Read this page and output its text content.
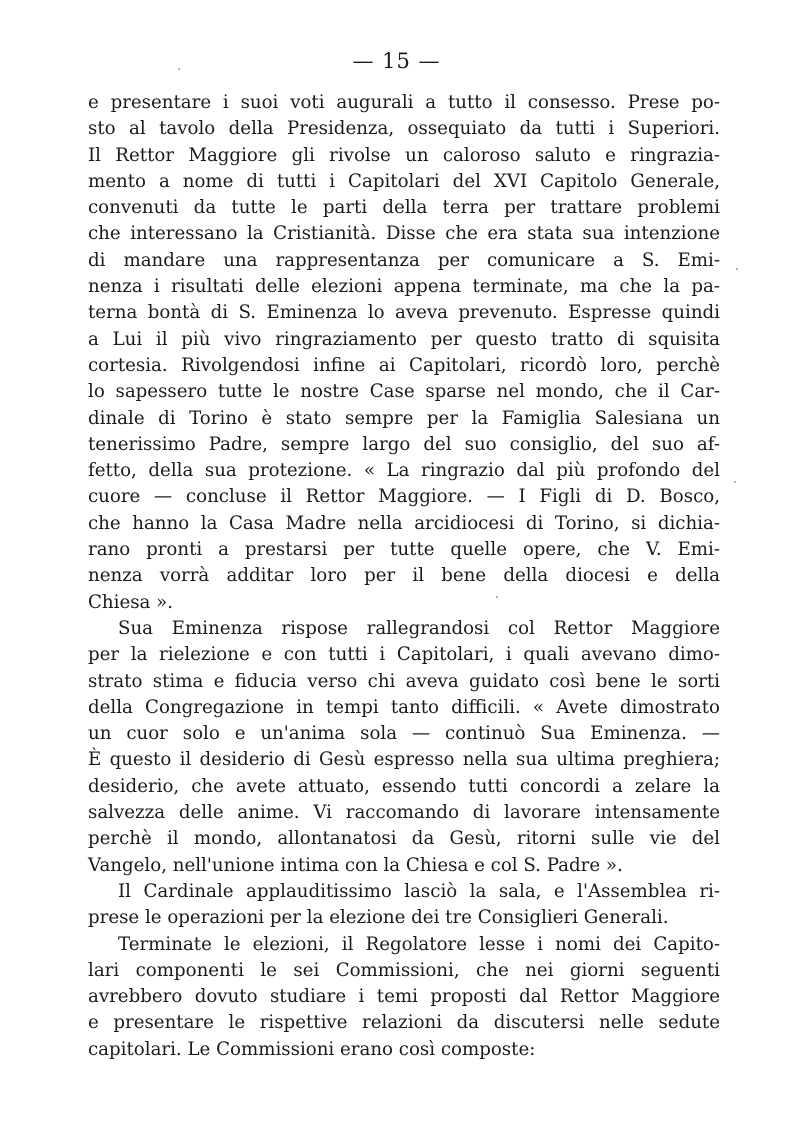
— 15 —
e presentare i suoi voti augurali a tutto il consesso. Prese po-
sto al tavolo della Presidenza, ossequiato da tutti i Superiori.
Il Rettor Maggiore gli rivolse un caloroso saluto e ringrazia-
mento a nome di tutti i Capitolari del XVI Capitolo Generale,
convenuti da tutte le parti della terra per trattare problemi
che interessano la Cristianità. Disse che era stata sua intenzione
di mandare una rappresentanza per comunicare a S. Emi-
nenza i risultati delle elezioni appena terminate, ma che la pa-
terna bontà di S. Eminenza lo aveva prevenuto. Espresse quindi
a Lui il più vivo ringraziamento per questo tratto di squisita
cortesia. Rivolgendosi infine ai Capitolari, ricordò loro, perchè
lo sapessero tutte le nostre Case sparse nel mondo, che il Car-
dinale di Torino è stato sempre per la Famiglia Salesiana un
tenerissimo Padre, sempre largo del suo consiglio, del suo af-
fetto, della sua protezione. « La ringrazio dal più profondo del
cuore — concluse il Rettor Maggiore. — I Figli di D. Bosco,
che hanno la Casa Madre nella arcidiocesi di Torino, si dichia-
rano pronti a prestarsi per tutte quelle opere, che V. Emi-
nenza vorrà additar loro per il bene della diocesi e della
Chiesa ».
Sua Eminenza rispose rallegrandosi col Rettor Maggiore
per la rielezione e con tutti i Capitolari, i quali avevano dimo-
strato stima e fiducia verso chi aveva guidato così bene le sorti
della Congregazione in tempi tanto difficili. « Avete dimostrato
un cuor solo e un'anima sola — continuò Sua Eminenza. —
È questo il desiderio di Gesù espresso nella sua ultima preghiera;
desiderio, che avete attuato, essendo tutti concordi a zelare la
salvezza delle anime. Vi raccomando di lavorare intensamente
perchè il mondo, allontanatosi da Gesù, ritorni sulle vie del
Vangelo, nell'unione intima con la Chiesa e col S. Padre ».
Il Cardinale applauditissimo lasciò la sala, e l'Assemblea ri-
prese le operazioni per la elezione dei tre Consiglieri Generali.
Terminate le elezioni, il Regolatore lesse i nomi dei Capito-
lari componenti le sei Commissioni, che nei giorni seguenti
avrebbero dovuto studiare i temi proposti dal Rettor Maggiore
e presentare le rispettive relazioni da discutersi nelle sedute
capitolari. Le Commissioni erano così composte:
